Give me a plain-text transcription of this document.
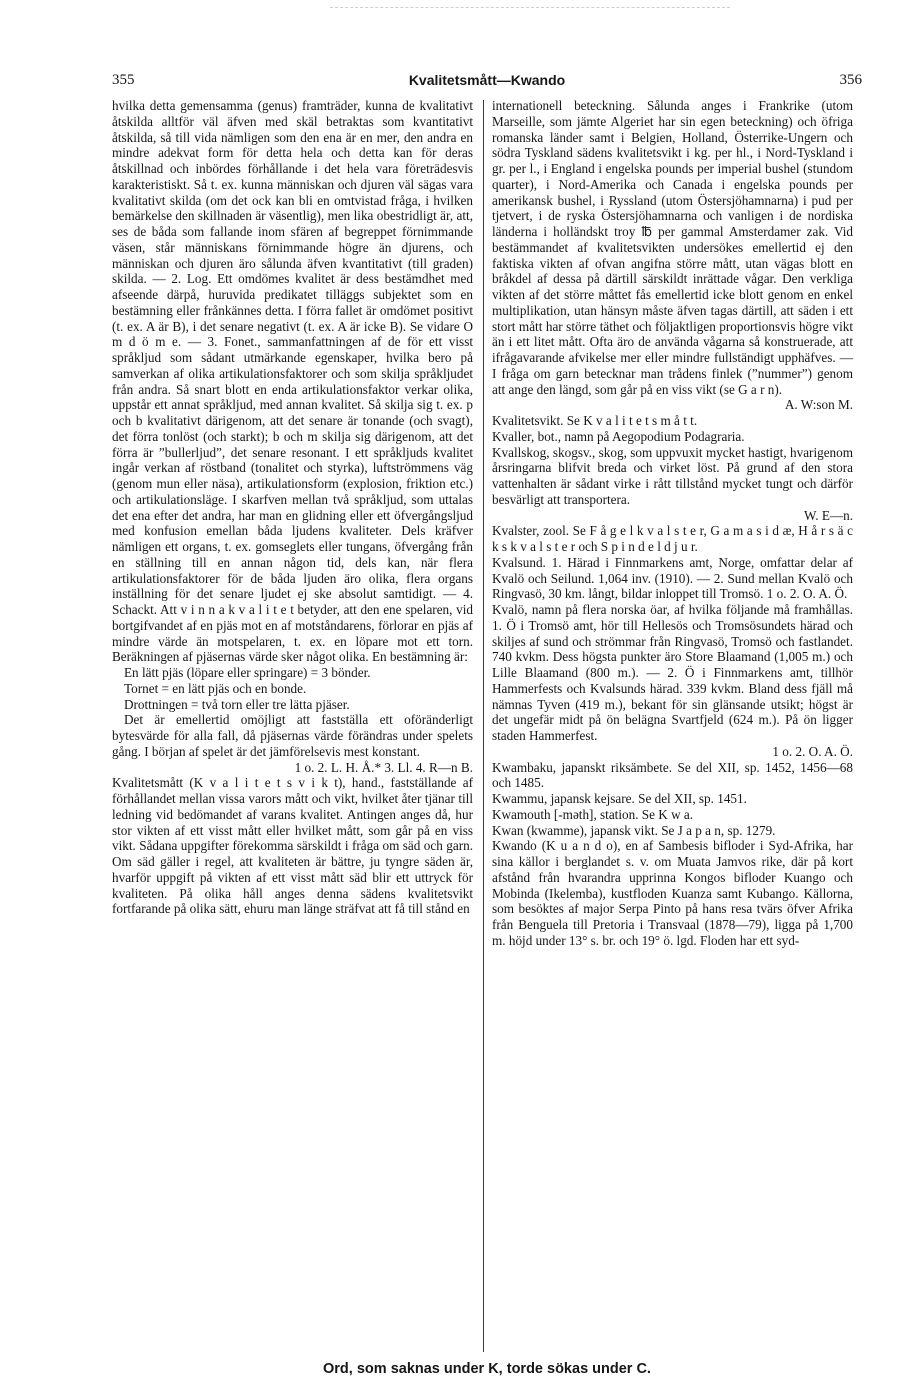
355	Kvalitetsmått—Kwando	356

hvilka detta gemensamma (genus) framträder, kunna de kvalitativt åtskilda alltför väl äfven med skäl betraktas som kvantitativt åtskilda, så till vida nämligen som den ena är en mer, den andra en mindre adekvat form för detta hela och detta kan för deras åtskillnad och inbördes förhållande i det hela vara företrädesvis karakteristiskt. Så t. ex. kunna människan och djuren väl sägas vara kvalitativt skilda (om det ock kan bli en omtvistad fråga, i hvilken bemärkelse den skillnaden är väsentlig), men lika obestridligt är, att, ses de båda som fallande inom sfären af begreppet förnimmande väsen, står människans förnimmande högre än djurens, och människan och djuren äro sålunda äfven kvantitativt (till graden) skilda. — 2. Log. Ett omdömes kvalitet är dess bestämdhet med afseende därpå, huruvida predikatet tilläggs subjektet som en bestämning eller frånkännes detta. I förra fallet är omdömet positivt (t. ex. A är B), i det senare negativt (t. ex. A är icke B). Se vidare O m d ö m e. — 3. Fonet., sammanfattningen af de för ett visst språkljud som sådant utmärkande egenskaper, hvilka bero på samverkan af olika artikulationsfaktorer och som skilja språkljudet från andra. Så snart blott en enda artikulationsfaktor verkar olika, uppstår ett annat språkljud, med annan kvalitet. Så skilja sig t. ex. p och b kvalitativt därigenom, att det senare är tonande (och svagt), det förra tonlöst (och starkt); b och m skilja sig därigenom, att det förra är ”bullerljud”, det senare resonant. I ett språkljuds kvalitet ingår verkan af röstband (tonalitet och styrka), luftströmmens väg (genom mun eller näsa), artikulationsform (explosion, friktion etc.) och artikulationsläge. I skarfven mellan två språkljud, som uttalas det ena efter det andra, har man en glidning eller ett öfvergångsljud med konfusion emellan båda ljudens kvaliteter. Dels kräfver nämligen ett organs, t. ex. gomseglets eller tungans, öfvergång från en ställning till en annan någon tid, dels kan, när flera artikulationsfaktorer för de båda ljuden äro olika, flera organs inställning för det senare ljudet ej ske absolut samtidigt. — 4. Schackt. Att v i n n a k v a l i t e t betyder, att den ene spelaren, vid bortgifvandet af en pjäs mot en af motståndarens, förlorar en pjäs af mindre värde än motspelaren, t. ex. en löpare mot ett torn. Beräkningen af pjäsernas värde sker något olika. En bestämning är:

En lätt pjäs (löpare eller springare) = 3 bönder.
Tornet = en lätt pjäs och en bonde.
Drottningen = två torn eller tre lätta pjäser.

Det är emellertid omöjligt att fastställa ett oföränderligt bytesvärde för alla fall, då pjäsernas värde förändras under spelets gång. I början af spelet är det jämförelsevis mest konstant.

1 o. 2. L. H. Å.* 3. Ll. 4. R—n B.

Kvalitetsmått (K v a l i t e t s v i k t), hand., fastställande af förhållandet mellan vissa varors mått och vikt, hvilket åter tjänar till ledning vid bedömandet af varans kvalitet. Antingen anges då, hur stor vikten af ett visst mått eller hvilket mått, som går på en viss vikt. Sådana uppgifter förekomma särskildt i fråga om säd och garn. Om säd gäller i regel, att kvaliteten är bättre, ju tyngre säden är, hvarför uppgift på vikten af ett visst mått säd blir ett uttryck för kvaliteten. På olika håll anges denna sädens kvalitetsvikt fortfarande på olika sätt, ehuru man länge sträfvat att få till stånd en

internationell beteckning. Sålunda anges i Frankrike (utom Marseille, som jämte Algeriet har sin egen beteckning) och öfriga romanska länder samt i Belgien, Holland, Österrike-Ungern och södra Tyskland sädens kvalitetsvikt i kg. per hl., i Nord-Tyskland i gr. per l., i England i engelska pounds per imperial bushel (stundom quarter), i Nord-Amerika och Canada i engelska pounds per amerikansk bushel, i Ryssland (utom Östersjöhamnarna) i pud per tjetvert, i de ryska Östersjöhamnarna och vanligen i de nordiska länderna i holländskt troy ℔ per gammal Amsterdamer zak. Vid bestämmandet af kvalitetsvikten undersökes emellertid ej den faktiska vikten af ofvan angifna större mått, utan vägas blott en bråkdel af dessa på därtill särskildt inrättade vågar. Den verkliga vikten af det större måttet fås emellertid icke blott genom en enkel multiplikation, utan hänsyn måste äfven tagas därtill, att säden i ett stort mått har större täthet och följaktligen proportionsvis högre vikt än i ett litet mått. Ofta äro de använda vågarna så konstruerade, att ifrågavarande afvikelse mer eller mindre fullständigt upphäfves. — I fråga om garn betecknar man trådens finlek (”nummer”) genom att ange den längd, som går på en viss vikt (se G a r n).

A. W:son M.

Kvalitetsvikt. Se K v a l i t e t s m å t t.

Kvaller, bot., namn på Aegopodium Podagraria.

Kvallskog, skogsv., skog, som uppvuxit mycket hastigt, hvarigenom årsringarna blifvit breda och virket löst. På grund af den stora vattenhalten är sådant virke i rått tillstånd mycket tungt och därför besvärligt att transportera.

W. E—n.

Kvalster, zool. Se F å g e l k v a l s t e r, G a m a s i d æ, H å r s ä c k s k v a l s t e r och S p i n d e l d j u r.

Kvalsund. 1. Härad i Finnmarkens amt, Norge, omfattar delar af Kvalö och Seilund. 1,064 inv. (1910). — 2. Sund mellan Kvalö och Ringvasö, 30 km. långt, bildar inloppet till Tromsö. 1 o. 2. O. A. Ö.

Kvalö, namn på flera norska öar, af hvilka följande må framhållas. 1. Ö i Tromsö amt, hör till Hellesös och Tromsösundets härad och skiljes af sund och strömmar från Ringvasö, Tromsö och fastlandet. 740 kvkm. Dess högsta punkter äro Store Blaamand (1,005 m.) och Lille Blaamand (800 m.). — 2. Ö i Finnmarkens amt, tillhör Hammerfests och Kvalsunds härad. 339 kvkm. Bland dess fjäll må nämnas Tyven (419 m.), bekant för sin glänsande utsikt; högst är det ungefär midt på ön belägna Svartfjeld (624 m.). På ön ligger staden Hammerfest.

1 o. 2. O. A. Ö.

Kwambaku, japanskt riksämbete. Se del XII, sp. 1452, 1456—68 och 1485.

Kwammu, japansk kejsare. Se del XII, sp. 1451.

Kwamouth [-məth], station. Se K w a.

Kwan (kwamme), japansk vikt. Se J a p a n, sp. 1279.

Kwando (K u a n d o), en af Sambesis bifloder i Syd-Afrika, har sina källor i berglandet s. v. om Muata Jamvos rike, där på kort afstånd från hvarandra upprinna Kongos bifloder Kuango och Mobinda (Ikelemba), kustfloden Kuanza samt Kubango. Källorna, som besöktes af major Serpa Pinto på hans resa tvärs öfver Afrika från Benguela till Pretoria i Transvaal (1878—79), ligga på 1,700 m. höjd under 13° s. br. och 19° ö. lgd. Floden har ett syd-

Ord, som saknas under K, torde sökas under C.
